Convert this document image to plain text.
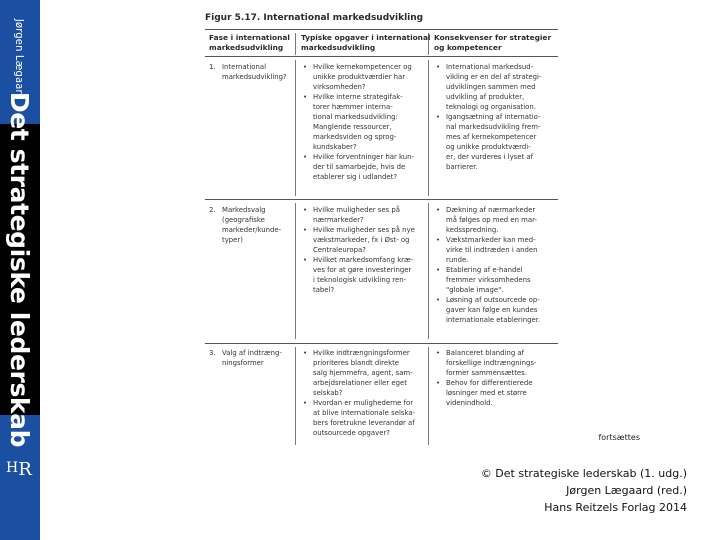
Jørgen Lægaard
Det strategiske lederskab
HR
Figur 5.17. International markedsudvikling
Fase i international
markedsudvikling
Typiske opgaver i international
markedsudvikling
Konsekvenser for strategier
og kompetencer
1. International

markedsudvikling?

• Hvilke kernekompetencer og

unikke produktværdier har

virksomheden?

• Hvilke interne strategifak-

torer hæmmer interna-

tional markedsudvikling:

Manglende ressourcer,

markedsviden og sprog-

kundskaber?

• Hvilke forventninger har kun-

der til samarbejde, hvis de

etablerer sig i udlandet?

• International markedsud-

vikling er en del af strategi-

udviklingen sammen med

udvikling af produkter,

teknologi og organisation.

• Igangsætning af internatio-

nal markedsudvikling frem-

mes af kernekompetencer

og unikke produktværdi-

er, der vurderes i lyset af

barrierer.

2. Markedsvalg

(geografiske

markeder/kunde-

typer)

• Hvilke muligheder ses på

nærmarkeder?

• Hvilke muligheder ses på nye

vækstmarkeder, fx i Øst- og

Centraleuropa?

• Hvilket markedsomfang kræ-

ves for at gøre investeringer

i teknologisk udvikling ren-

tabel?

• Dækning af nærmarkeder

må følges op med en mar-

kedsspredning.

• Vækstmarkeder kan med-

virke til indtræden i anden

runde.

• Etablering af e-handel

fremmer virksomhedens

"globale image".

• Løsning af outsourcede op-

gaver kan følge en kundes

internationale etableringer.

3. Valg af indtræng-

ningsformer

• Hvilke indtrængningsformer

prioriteres blandt direkte

salg hjemmefra, agent, sam-

arbejdsrelationer eller eget

selskab?

• Hvordan er mulighederne for

at blive internationale selska-

bers foretrukne leverandør af

outsourcede opgaver?

• Balanceret blanding af

forskellige indtrængnings-

former sammensættes.

• Behov for differentierede

løsninger med et større

videnindhold.

fortsættes
© Det strategiske lederskab (1. udg.)
Jørgen Lægaard (red.)
Hans Reitzels Forlag 2014
